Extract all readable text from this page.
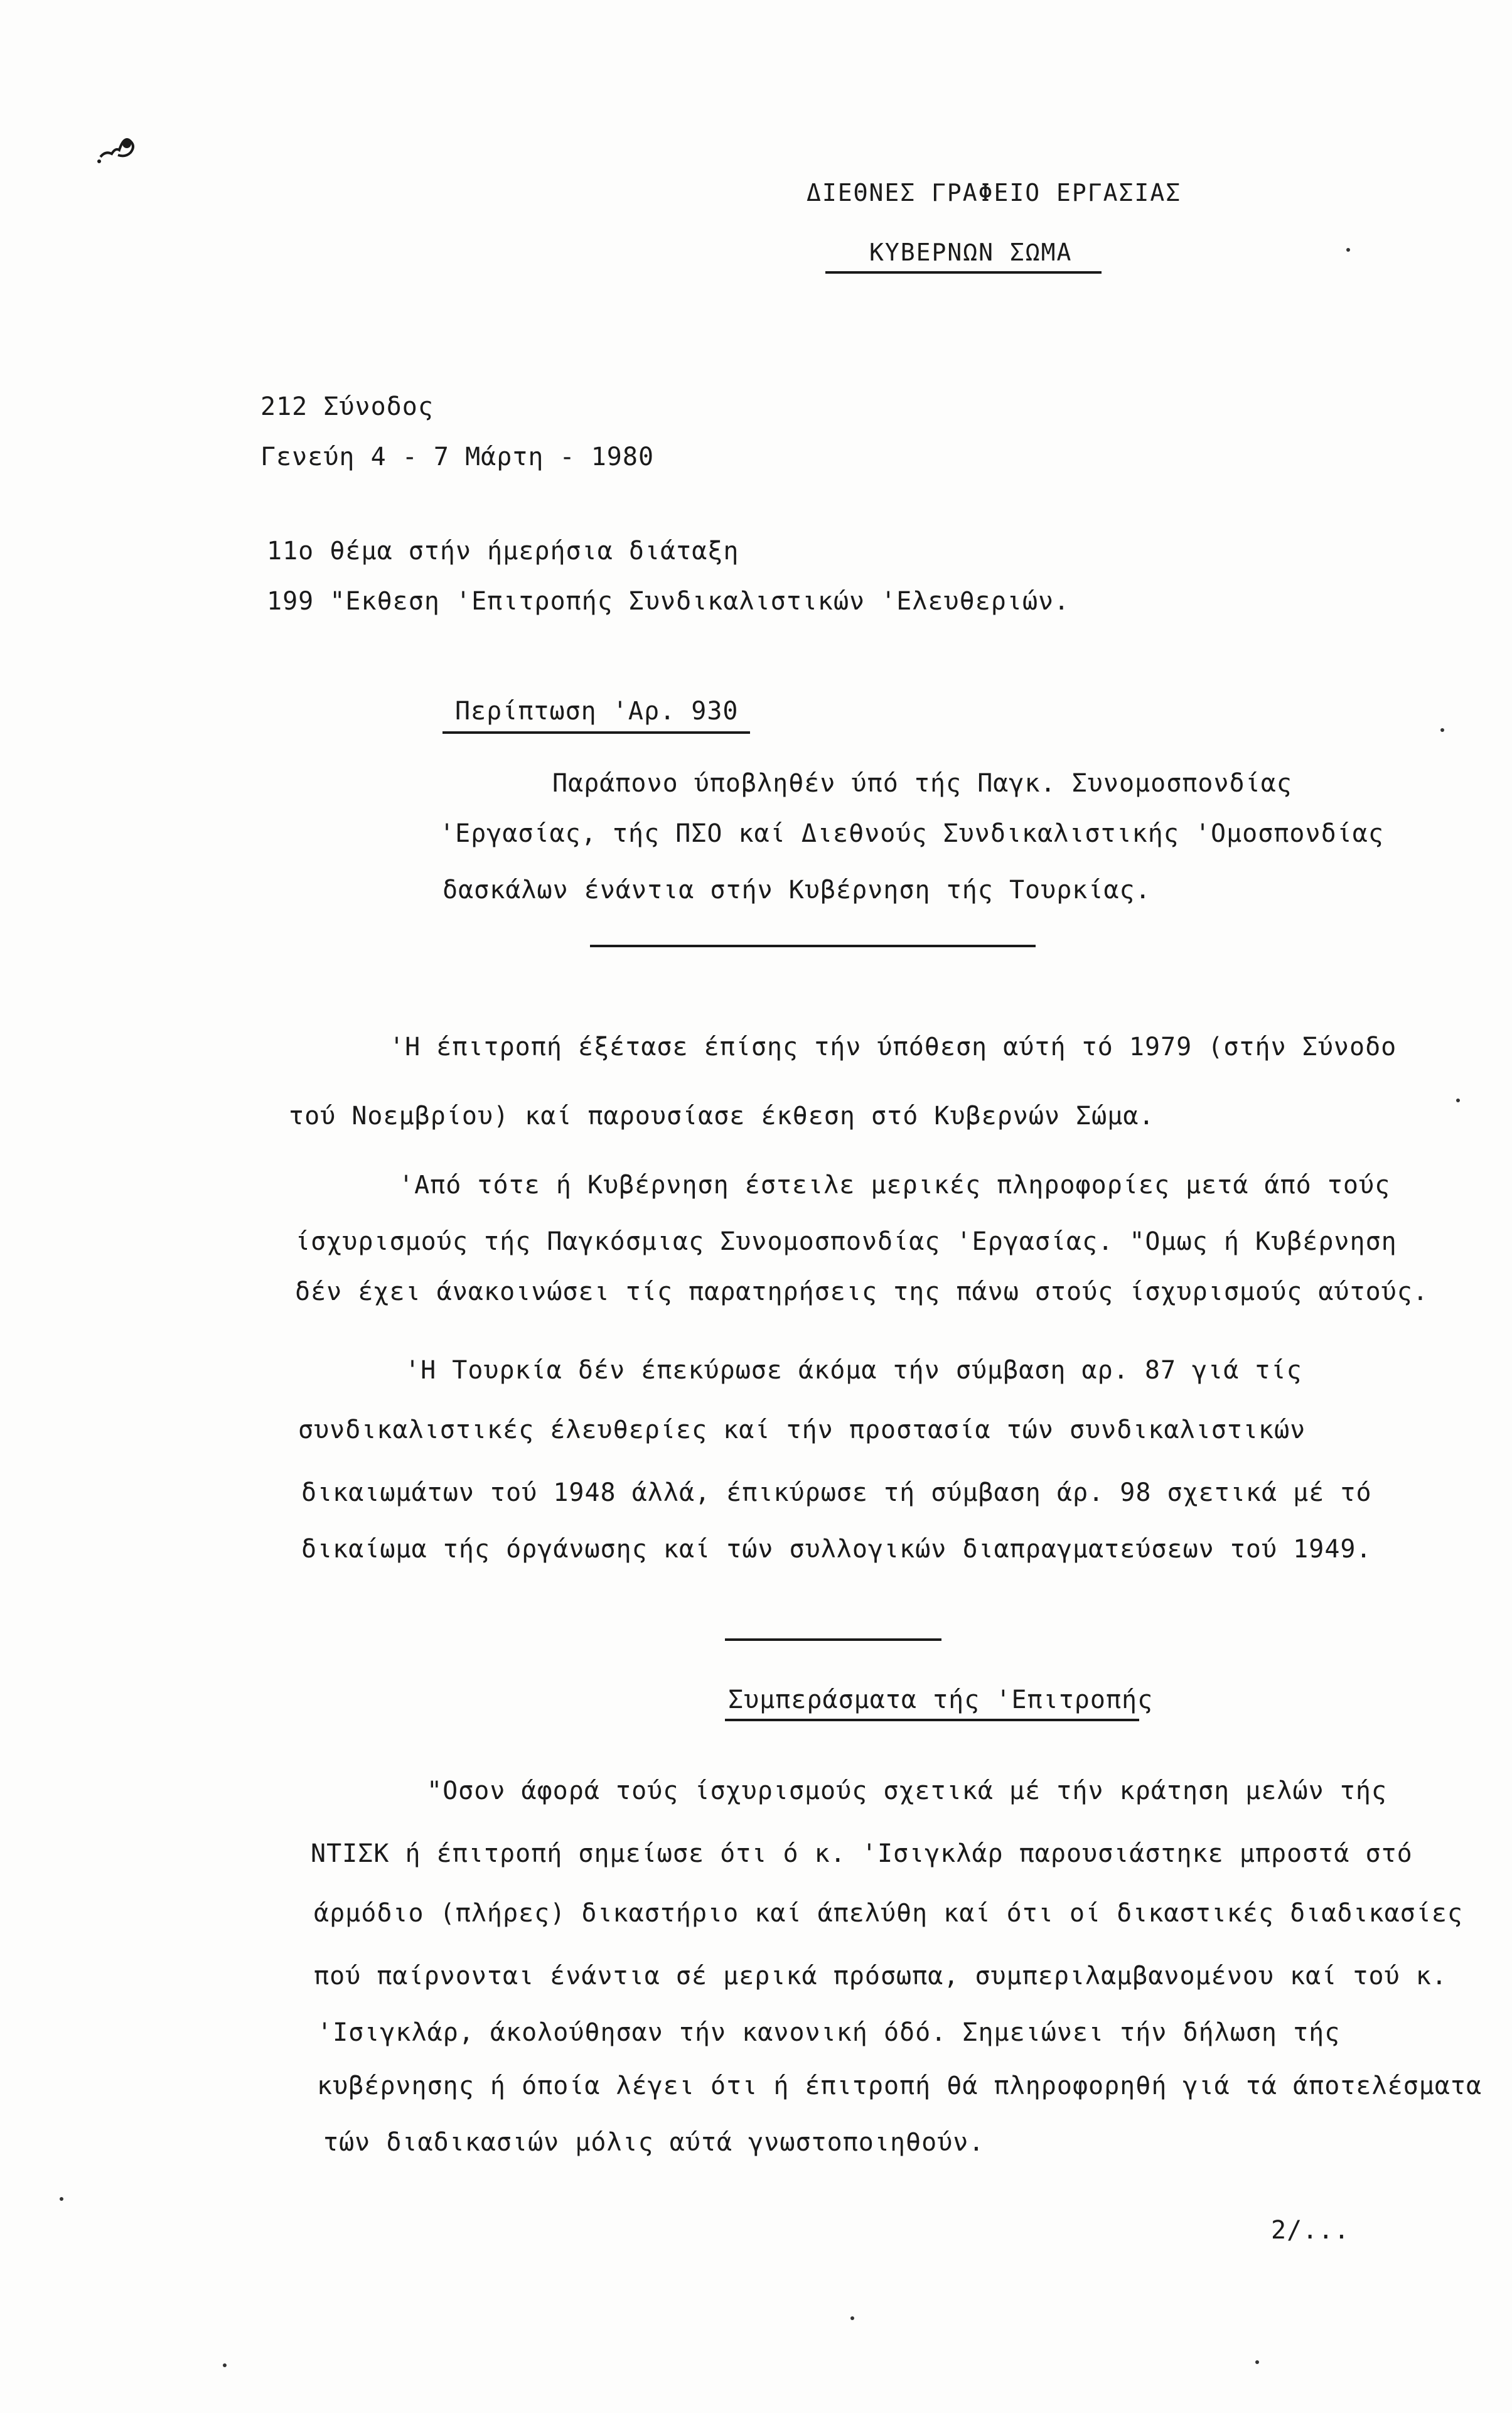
ΔΙΕΘΝΕΣ ΓΡΑΦΕΙΟ ΕΡΓΑΣΙΑΣ
ΚΥΒΕΡΝΩΝ ΣΩΜΑ
212 Σύνοδος
Γενεύη 4 - 7 Μάρτη - 1980
11ο θέμα στήν ήμερήσια διάταξη
199 "Εκθεση 'Επιτροπής Συνδικαλιστικών 'Ελευθεριών.
Περίπτωση 'Αρ. 930
Παράπονο ύποβληθέν ύπό τής Παγκ. Συνομοσπονδίας
'Εργασίας, τής ΠΣΟ καί Διεθνούς Συνδικαλιστικής 'Ομοσπονδίας
δασκάλων ένάντια στήν Κυβέρνηση τής Τουρκίας.
'Η έπιτροπή έξέτασε έπίσης τήν ύπόθεση αύτή τό 1979 (στήν Σύνοδο
τού Νοεμβρίου) καί παρουσίασε έκθεση στό Κυβερνών Σώμα.
'Από τότε ή Κυβέρνηση έστειλε μερικές πληροφορίες μετά άπό τούς
ίσχυρισμούς τής Παγκόσμιας Συνομοσπονδίας 'Εργασίας. "Ομως ή Κυβέρνηση
δέν έχει άνακοινώσει τίς παρατηρήσεις της πάνω στούς ίσχυρισμούς αύτούς.
'Η Τουρκία δέν έπεκύρωσε άκόμα τήν σύμβαση αρ. 87 γιά τίς
συνδικαλιστικές έλευθερίες καί τήν προστασία τών συνδικαλιστικών
δικαιωμάτων τού 1948 άλλά, έπικύρωσε τή σύμβαση άρ. 98 σχετικά μέ τό
δικαίωμα τής όργάνωσης καί τών συλλογικών διαπραγματεύσεων τού 1949.
Συμπεράσματα τής 'Επιτροπής
"Οσον άφορά τούς ίσχυρισμούς σχετικά μέ τήν κράτηση μελών τής
ΝΤΙΣΚ ή έπιτροπή σημείωσε ότι ό κ. 'Ισιγκλάρ παρουσιάστηκε μπροστά στό
άρμόδιο (πλήρες) δικαστήριο καί άπελύθη καί ότι οί δικαστικές διαδικασίες
πού παίρνονται ένάντια σέ μερικά πρόσωπα, συμπεριλαμβανομένου καί τού κ.
'Ισιγκλάρ, άκολούθησαν τήν κανονική όδό. Σημειώνει τήν δήλωση τής
κυβέρνησης ή όποία λέγει ότι ή έπιτροπή θά πληροφορηθή γιά τά άποτελέσματα
τών διαδικασιών μόλις αύτά γνωστοποιηθούν.
2/...
